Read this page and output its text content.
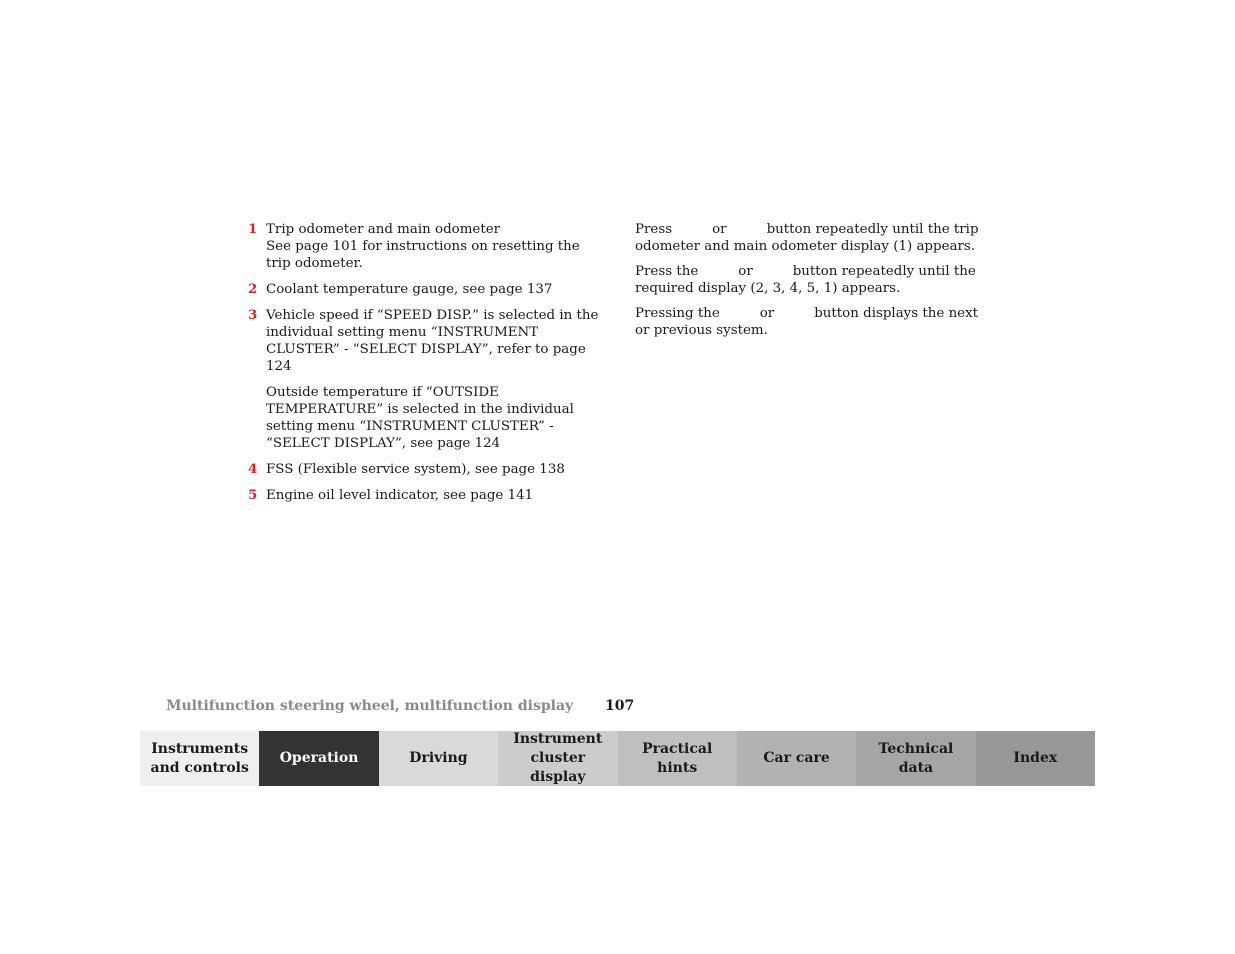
1 Trip odometer and main odometer
See page 101 for instructions on resetting the trip odometer.
2 Coolant temperature gauge, see page 137
3 Vehicle speed if “SPEED DISP.” is selected in the individual setting menu “INSTRUMENT CLUSTER” - “SELECT DISPLAY”, refer to page 124
Outside temperature if “OUTSIDE TEMPERATURE” is selected in the individual setting menu “INSTRUMENT CLUSTER” - “SELECT DISPLAY”, see page 124
4 FSS (Flexible service system), see page 138
5 Engine oil level indicator, see page 141
Press	or	button repeatedly until the trip odometer and main odometer display (1) appears.
Press the	or	button repeatedly until the required display (2, 3, 4, 5, 1) appears.
Pressing the	or	button displays the next or previous system.
Multifunction steering wheel, multifunction display 107
Instruments and controls
Operation	Driving
Instrument cluster display
Practical hints
Car care
Technical data
Index
